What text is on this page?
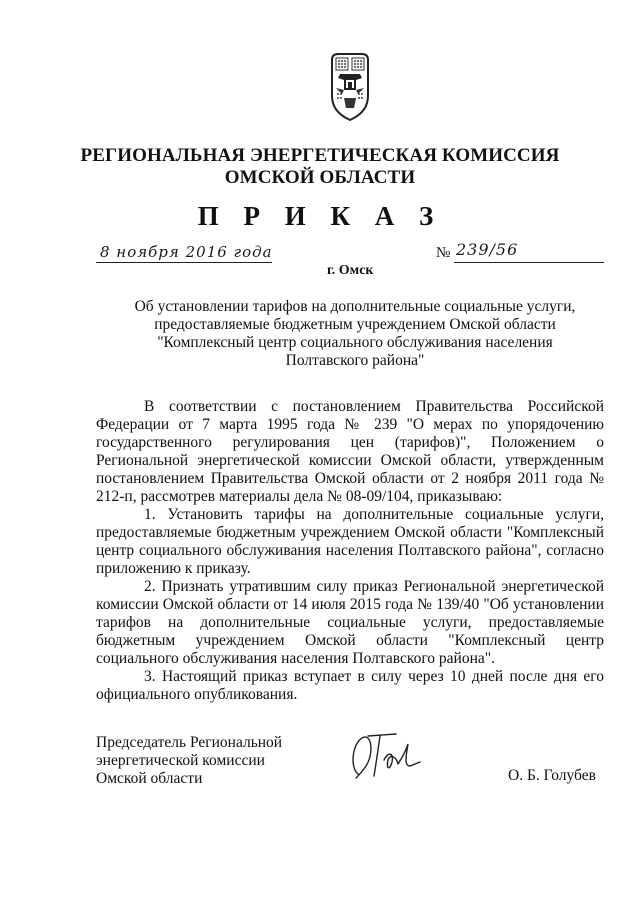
РЕГИОНАЛЬНАЯ ЭНЕРГЕТИЧЕСКАЯ КОМИССИЯ
ОМСКОЙ ОБЛАСТИ
П Р И К А З
8 ноября 2016 года	№ 239/56
г. Омск
Об установлении тарифов на дополнительные социальные услуги,
предоставляемые бюджетным учреждением Омской области
"Комплексный центр социального обслуживания населения
Полтавского района"

В соответствии с постановлением Правительства Российской Федерации от 7 марта 1995 года № 239 "О мерах по упорядочению государственного регулирования цен (тарифов)", Положением о Региональной энергетической комиссии Омской области, утвержденным постановлением Правительства Омской области от 2 ноября 2011 года № 212-п, рассмотрев материалы дела № 08-09/104, приказываю:

1. Установить тарифы на дополнительные социальные услуги, предоставляемые бюджетным учреждением Омской области "Комплексный центр социального обслуживания населения Полтавского района", согласно приложению к приказу.

2. Признать утратившим силу приказ Региональной энергетической комиссии Омской области от 14 июля 2015 года № 139/40 "Об установлении тарифов на дополнительные социальные услуги, предоставляемые бюджетным учреждением Омской области "Комплексный центр социального обслуживания населения Полтавского района".

3. Настоящий приказ вступает в силу через 10 дней после дня его официального опубликования.

Председатель Региональной
энергетической комиссии
Омской области	О. Б. Голубев
